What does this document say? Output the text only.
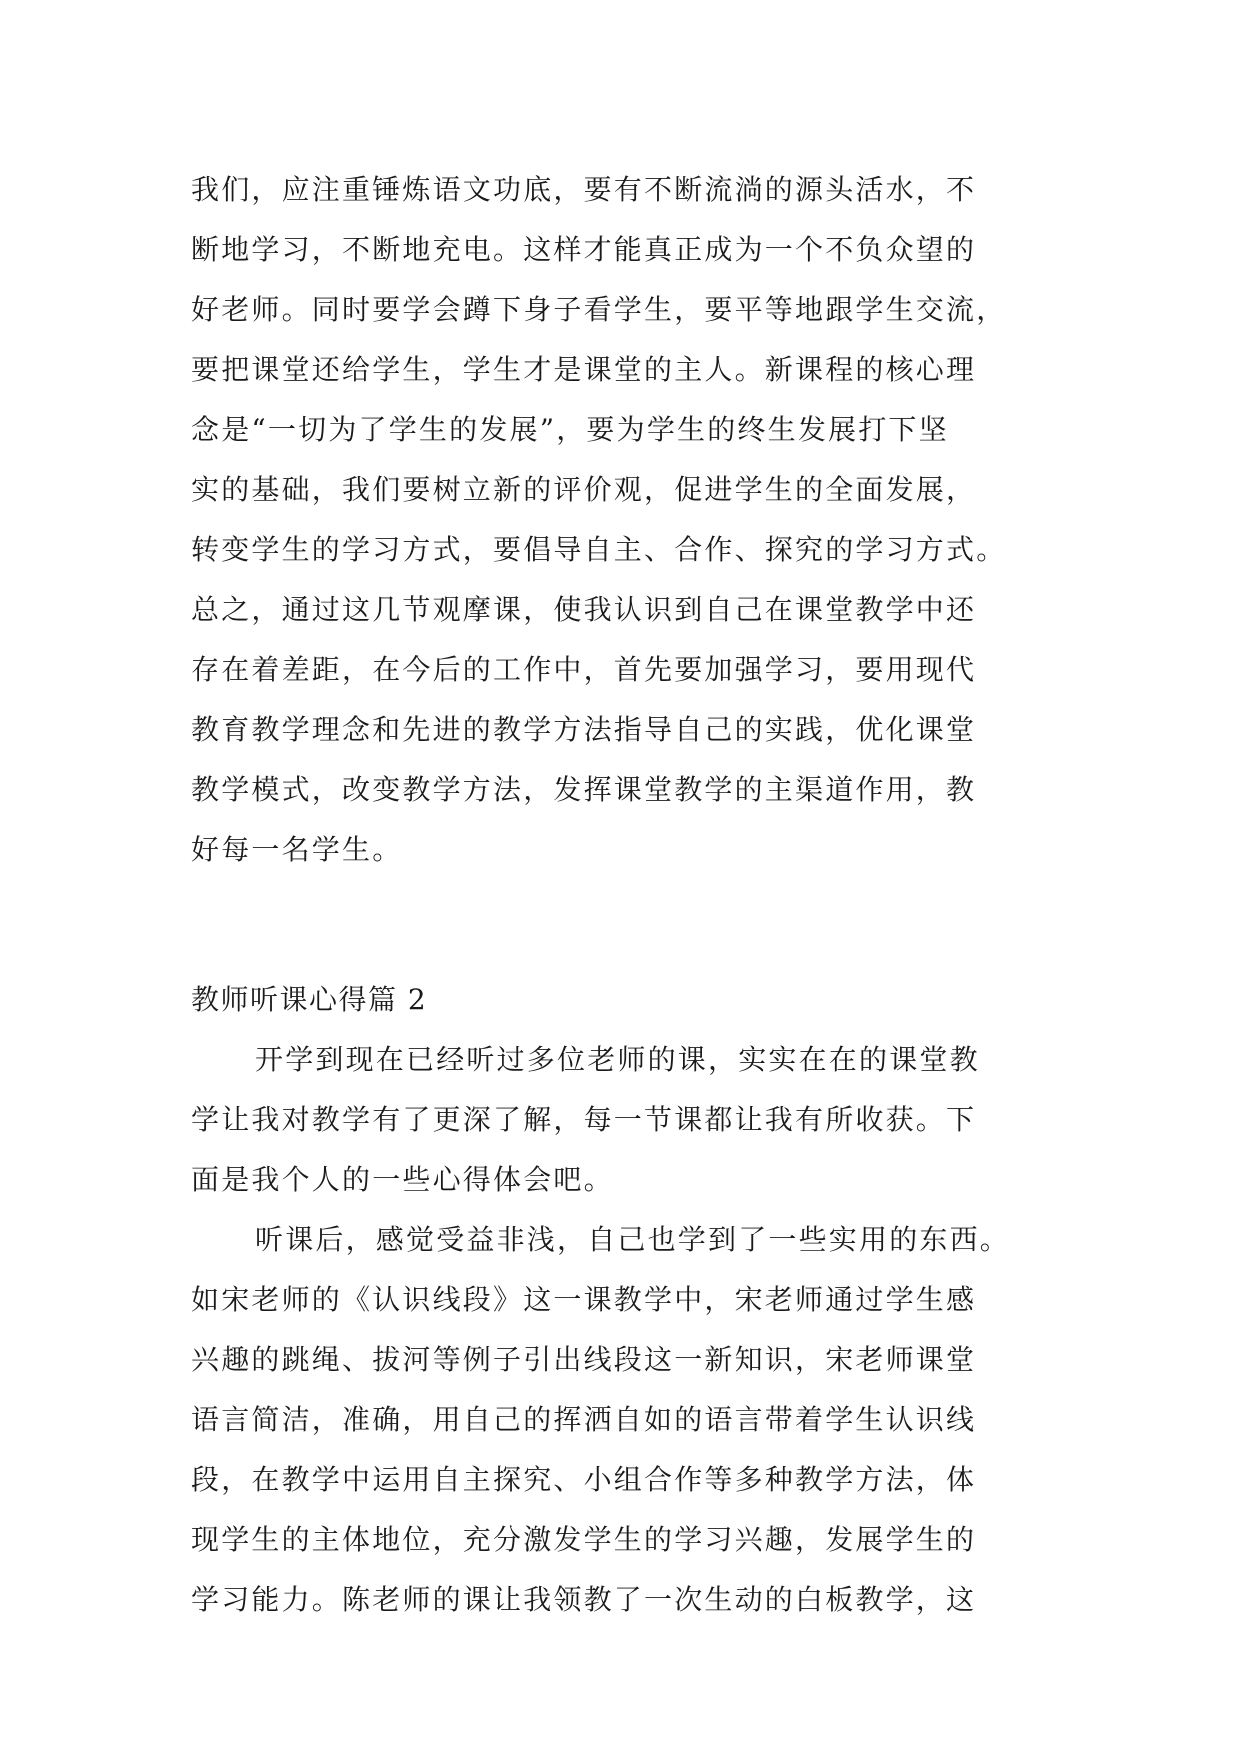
我们，应注重锤炼语文功底，要有不断流淌的源头活水，不
断地学习，不断地充电。这样才能真正成为一个不负众望的
好老师。同时要学会蹲下身子看学生，要平等地跟学生交流，
要把课堂还给学生，学生才是课堂的主人。新课程的核心理
念是“一切为了学生的发展”，要为学生的终生发展打下坚
实的基础，我们要树立新的评价观，促进学生的全面发展，
转变学生的学习方式，要倡导自主、合作、探究的学习方式。
总之，通过这几节观摩课，使我认识到自己在课堂教学中还
存在着差距，在今后的工作中，首先要加强学习，要用现代
教育教学理念和先进的教学方法指导自己的实践，优化课堂
教学模式，改变教学方法，发挥课堂教学的主渠道作用，教
好每一名学生。
教师听课心得篇 2
开学到现在已经听过多位老师的课，实实在在的课堂教
学让我对教学有了更深了解，每一节课都让我有所收获。下
面是我个人的一些心得体会吧。
听课后，感觉受益非浅，自己也学到了一些实用的东西。
如宋老师的《认识线段》这一课教学中，宋老师通过学生感
兴趣的跳绳、拔河等例子引出线段这一新知识，宋老师课堂
语言简洁，准确，用自己的挥洒自如的语言带着学生认识线
段，在教学中运用自主探究、小组合作等多种教学方法，体
现学生的主体地位，充分激发学生的学习兴趣，发展学生的
学习能力。陈老师的课让我领教了一次生动的白板教学，这
